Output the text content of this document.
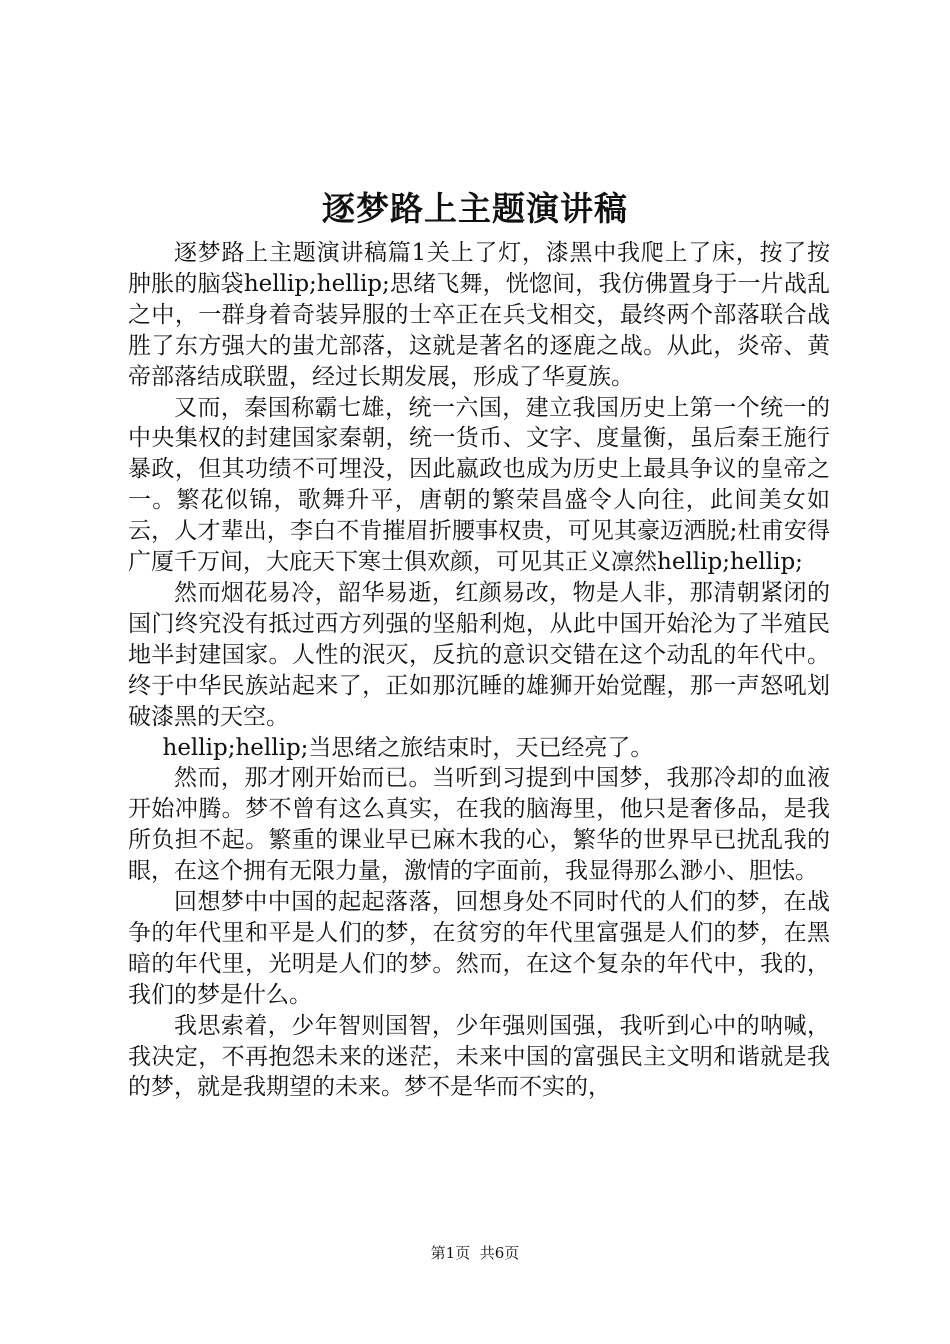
逐梦路上主题演讲稿

逐梦路上主题演讲稿篇1关上了灯，漆黑中我爬上了床，按了按肿胀的脑袋hellip;hellip;思绪飞舞，恍惚间，我仿佛置身于一片战乱之中，一群身着奇装异服的士卒正在兵戈相交，最终两个部落联合战胜了东方强大的蚩尤部落，这就是著名的逐鹿之战。从此，炎帝、黄帝部落结成联盟，经过长期发展，形成了华夏族。

又而，秦国称霸七雄，统一六国，建立我国历史上第一个统一的中央集权的封建国家秦朝，统一货币、文字、度量衡，虽后秦王施行暴政，但其功绩不可埋没，因此嬴政也成为历史上最具争议的皇帝之一。繁花似锦，歌舞升平，唐朝的繁荣昌盛令人向往，此间美女如云，人才辈出，李白不肯摧眉折腰事权贵，可见其豪迈洒脱;杜甫安得广厦千万间，大庇天下寒士俱欢颜，可见其正义凛然hellip;hellip;

然而烟花易冷，韶华易逝，红颜易改，物是人非，那清朝紧闭的国门终究没有抵过西方列强的坚船利炮，从此中国开始沦为了半殖民地半封建国家。人性的泯灭，反抗的意识交错在这个动乱的年代中。终于中华民族站起来了，正如那沉睡的雄狮开始觉醒，那一声怒吼划破漆黑的天空。

hellip;hellip;当思绪之旅结束时，天已经亮了。

然而，那才刚开始而已。当听到习提到中国梦，我那冷却的血液开始冲腾。梦不曾有这么真实，在我的脑海里，他只是奢侈品，是我所负担不起。繁重的课业早已麻木我的心，繁华的世界早已扰乱我的眼，在这个拥有无限力量，激情的字面前，我显得那么渺小、胆怯。

回想梦中中国的起起落落，回想身处不同时代的人们的梦，在战争的年代里和平是人们的梦，在贫穷的年代里富强是人们的梦，在黑暗的年代里，光明是人们的梦。然而，在这个复杂的年代中，我的，我们的梦是什么。

我思索着，少年智则国智，少年强则国强，我听到心中的呐喊，我决定，不再抱怨未来的迷茫，未来中国的富强民主文明和谐就是我的梦，就是我期望的未来。梦不是华而不实的，

第1页 共6页
